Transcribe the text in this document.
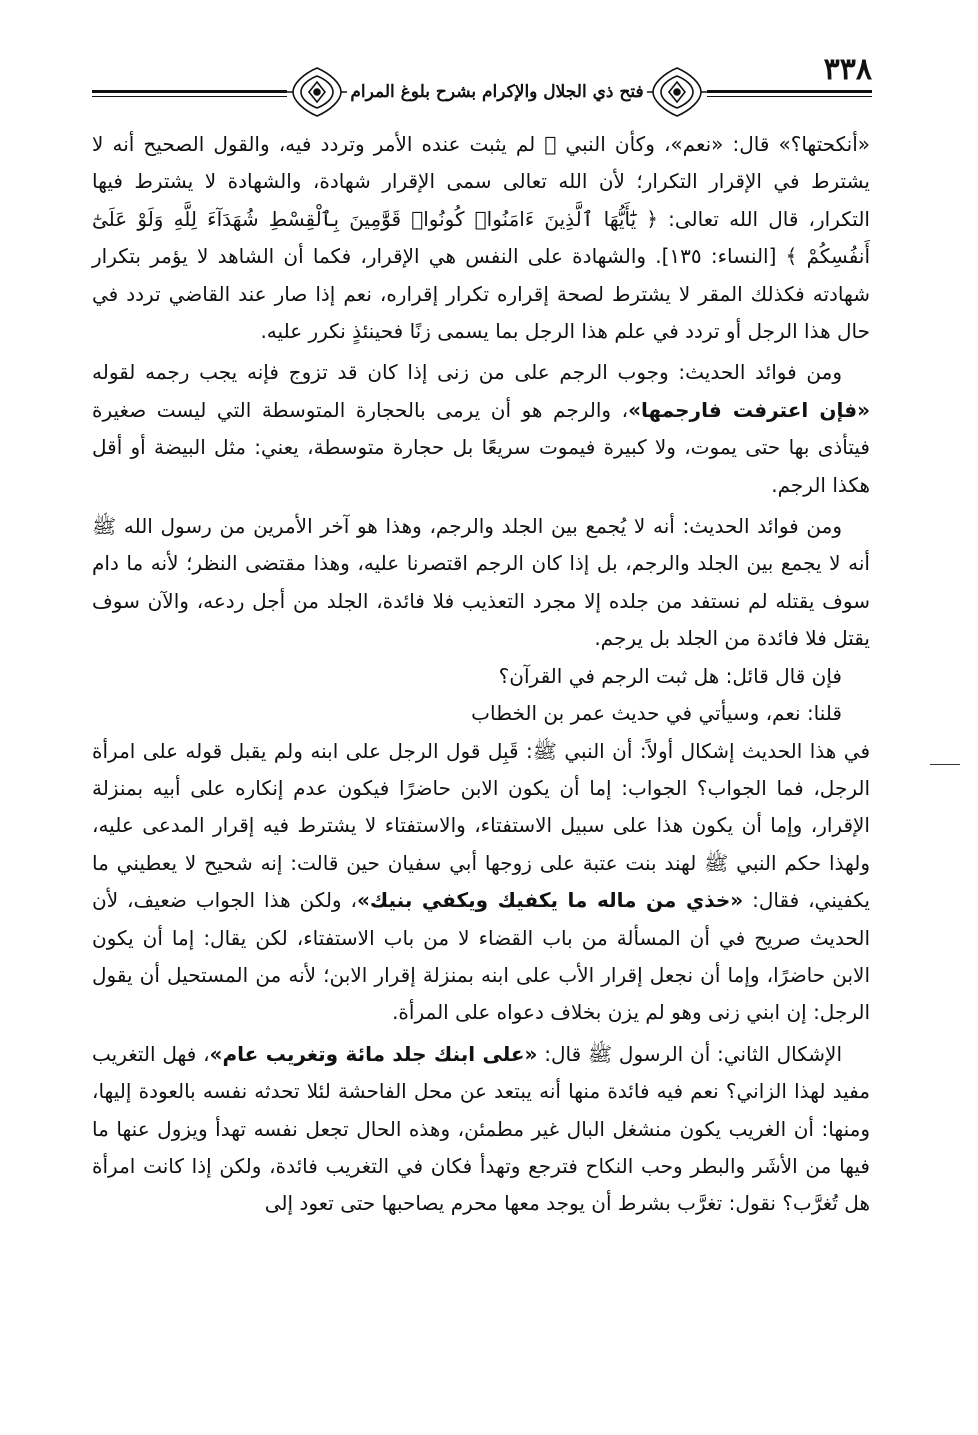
فتح ذي الجلال والإكرام بشرح بلوغ المرام
٣٣٨

«أنكحتها؟» قال: «نعم»، وكأن النبي ﷺ لم يثبت عنده الأمر وتردد فيه، والقول الصحيح أنه لا يشترط في الإقرار التكرار؛ لأن الله تعالى سمى الإقرار شهادة، والشهادة لا يشترط فيها التكرار، قال الله تعالى: ﴿ يَٰٓأَيُّهَا ٱلَّذِينَ ءَامَنُوا۟ كُونُوا۟ قَوَّٰمِينَ بِٱلْقِسْطِ شُهَدَآءَ لِلَّهِ وَلَوْ عَلَىٰٓ أَنفُسِكُمْ ﴾ [النساء: ١٣٥]. والشهادة على النفس هي الإقرار، فكما أن الشاهد لا يؤمر بتكرار شهادته فكذلك المقر لا يشترط لصحة إقراره تكرار إقراره، نعم إذا صار عند القاضي تردد في حال هذا الرجل أو تردد في علم هذا الرجل بما يسمى زنًا فحينئذٍ نكرر عليه.

ومن فوائد الحديث: وجوب الرجم على من زنى إذا كان قد تزوج فإنه يجب رجمه لقوله «فإن اعترفت فارجمها»، والرجم هو أن يرمى بالحجارة المتوسطة التي ليست صغيرة فيتأذى بها حتى يموت، ولا كبيرة فيموت سريعًا بل حجارة متوسطة، يعني: مثل البيضة أو أقل هكذا الرجم.

ومن فوائد الحديث: أنه لا يُجمع بين الجلد والرجم، وهذا هو آخر الأمرين من رسول الله ﷺ أنه لا يجمع بين الجلد والرجم، بل إذا كان الرجم اقتصرنا عليه، وهذا مقتضى النظر؛ لأنه ما دام سوف يقتله لم نستفد من جلده إلا مجرد التعذيب فلا فائدة، الجلد من أجل ردعه، والآن سوف يقتل فلا فائدة من الجلد بل يرجم.

فإن قال قائل: هل ثبت الرجم في القرآن؟

قلنا: نعم، وسيأتي في حديث عمر بن الخطاب

في هذا الحديث إشكال أولاً: أن النبي ﷺ: قَبِل قول الرجل على ابنه ولم يقبل قوله على امرأة الرجل، فما الجواب؟ الجواب: إما أن يكون الابن حاضرًا فيكون عدم إنكاره على أبيه بمنزلة الإقرار، وإما أن يكون هذا على سبيل الاستفتاء، والاستفتاء لا يشترط فيه إقرار المدعى عليه، ولهذا حكم النبي ﷺ لهند بنت عتبة على زوجها أبي سفيان حين قالت: إنه شحيح لا يعطيني ما يكفيني، فقال: «خذي من ماله ما يكفيك ويكفي بنيك»، ولكن هذا الجواب ضعيف، لأن الحديث صريح في أن المسألة من باب القضاء لا من باب الاستفتاء، لكن يقال: إما أن يكون الابن حاضرًا، وإما أن نجعل إقرار الأب على ابنه بمنزلة إقرار الابن؛ لأنه من المستحيل أن يقول الرجل: إن ابني زنى وهو لم يزن بخلاف دعواه على المرأة.

الإشكال الثاني: أن الرسول ﷺ قال: «على ابنك جلد مائة وتغريب عام»، فهل التغريب مفيد لهذا الزاني؟ نعم فيه فائدة منها أنه يبتعد عن محل الفاحشة لئلا تحدثه نفسه بالعودة إليها، ومنها: أن الغريب يكون منشغل البال غير مطمئن، وهذه الحال تجعل نفسه تهدأ ويزول عنها ما فيها من الأشَر والبطر وحب النكاح فترجع وتهدأ فكان في التغريب فائدة، ولكن إذا كانت امرأة هل تُغرَّب؟ نقول: تغرَّب بشرط أن يوجد معها محرم يصاحبها حتى تعود إلى
